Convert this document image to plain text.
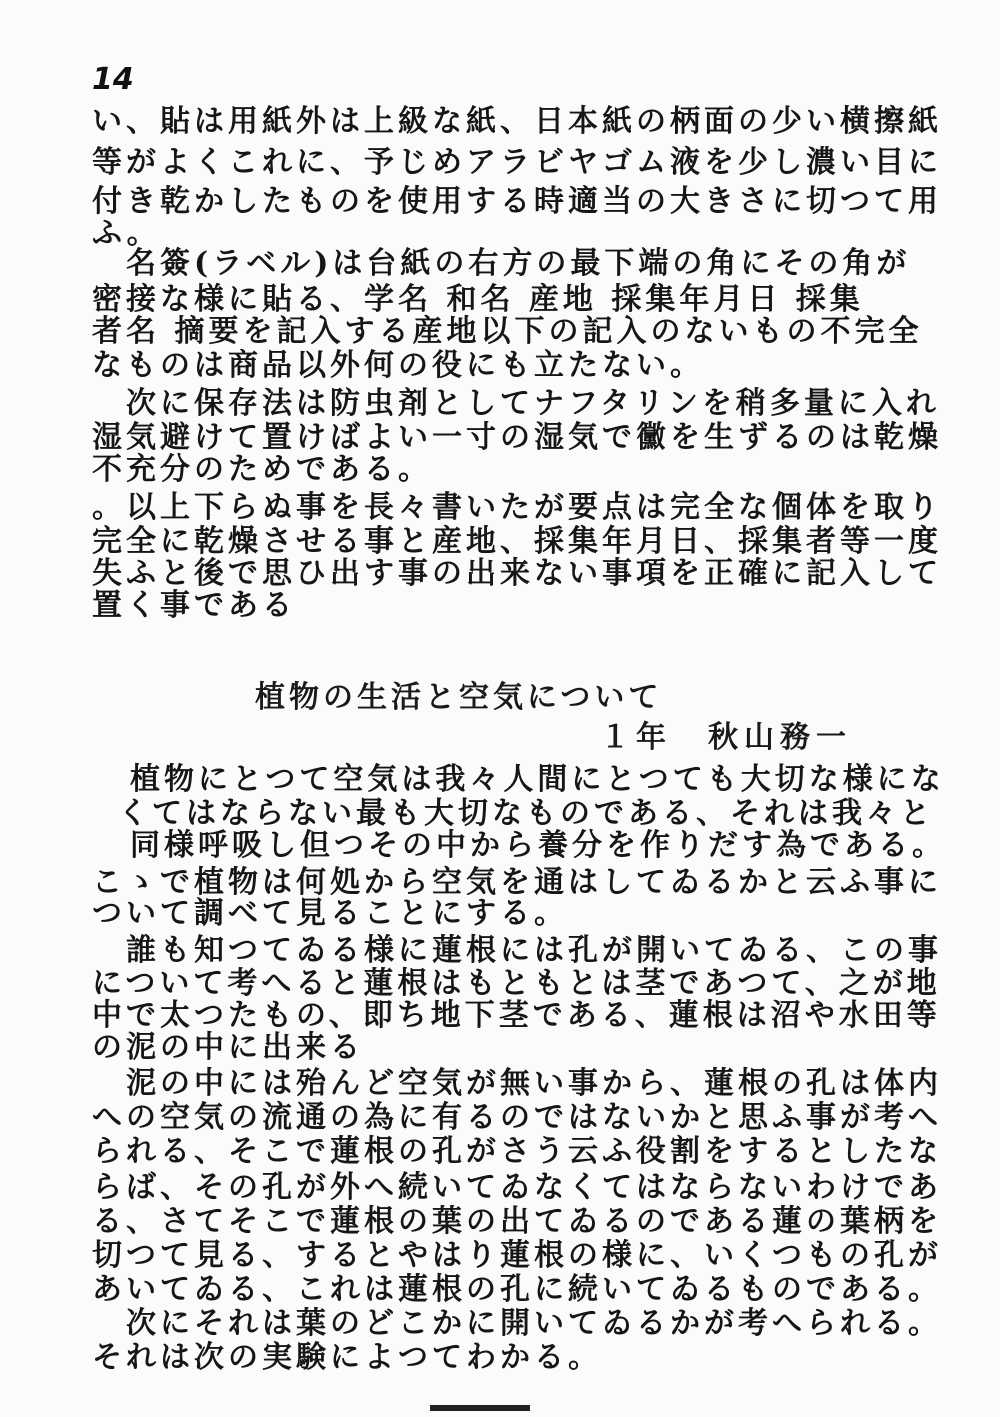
14
い、貼は用紙外は上級な紙、日本紙の柄面の少い横擦紙
等がよくこれに、予じめアラビヤゴム液を少し濃い目に
付き乾かしたものを使用する時適当の大きさに切つて用
ふ。
　名簽(ラベル)は台紙の右方の最下端の角にその角が
密接な様に貼る、学名 和名 産地 採集年月日 採集
者名 摘要を記入する産地以下の記入のないもの不完全
なものは商品以外何の役にも立たない。
　次に保存法は防虫剤としてナフタリンを稍多量に入れ
湿気避けて置けばよい一寸の湿気で黴を生ずるのは乾燥
不充分のためである。
。以上下らぬ事を長々書いたが要点は完全な個体を取り
完全に乾燥させる事と産地、採集年月日、採集者等一度
失ふと後で思ひ出す事の出来ない事項を正確に記入して
置く事である
植物の生活と空気について
１年　秋山務一
　植物にとつて空気は我々人間にとつても大切な様にな
くてはならない最も大切なものである、それは我々と
　同様呼吸し但つその中から養分を作りだす為である。
こゝで植物は何処から空気を通はしてゐるかと云ふ事に
ついて調べて見ることにする。
　誰も知つてゐる様に蓮根には孔が開いてゐる、この事
について考へると蓮根はもともとは茎であつて、之が地
中で太つたもの、即ち地下茎である、蓮根は沼や水田等
の泥の中に出来る
　泥の中には殆んど空気が無い事から、蓮根の孔は体内
への空気の流通の為に有るのではないかと思ふ事が考へ
られる、そこで蓮根の孔がさう云ふ役割をするとしたな
らば、その孔が外へ続いてゐなくてはならないわけであ
る、さてそこで蓮根の葉の出てゐるのである蓮の葉柄を
切つて見る、するとやはり蓮根の様に、いくつもの孔が
あいてゐる、これは蓮根の孔に続いてゐるものである。
　次にそれは葉のどこかに開いてゐるかが考へられる。
それは次の実験によつてわかる。
